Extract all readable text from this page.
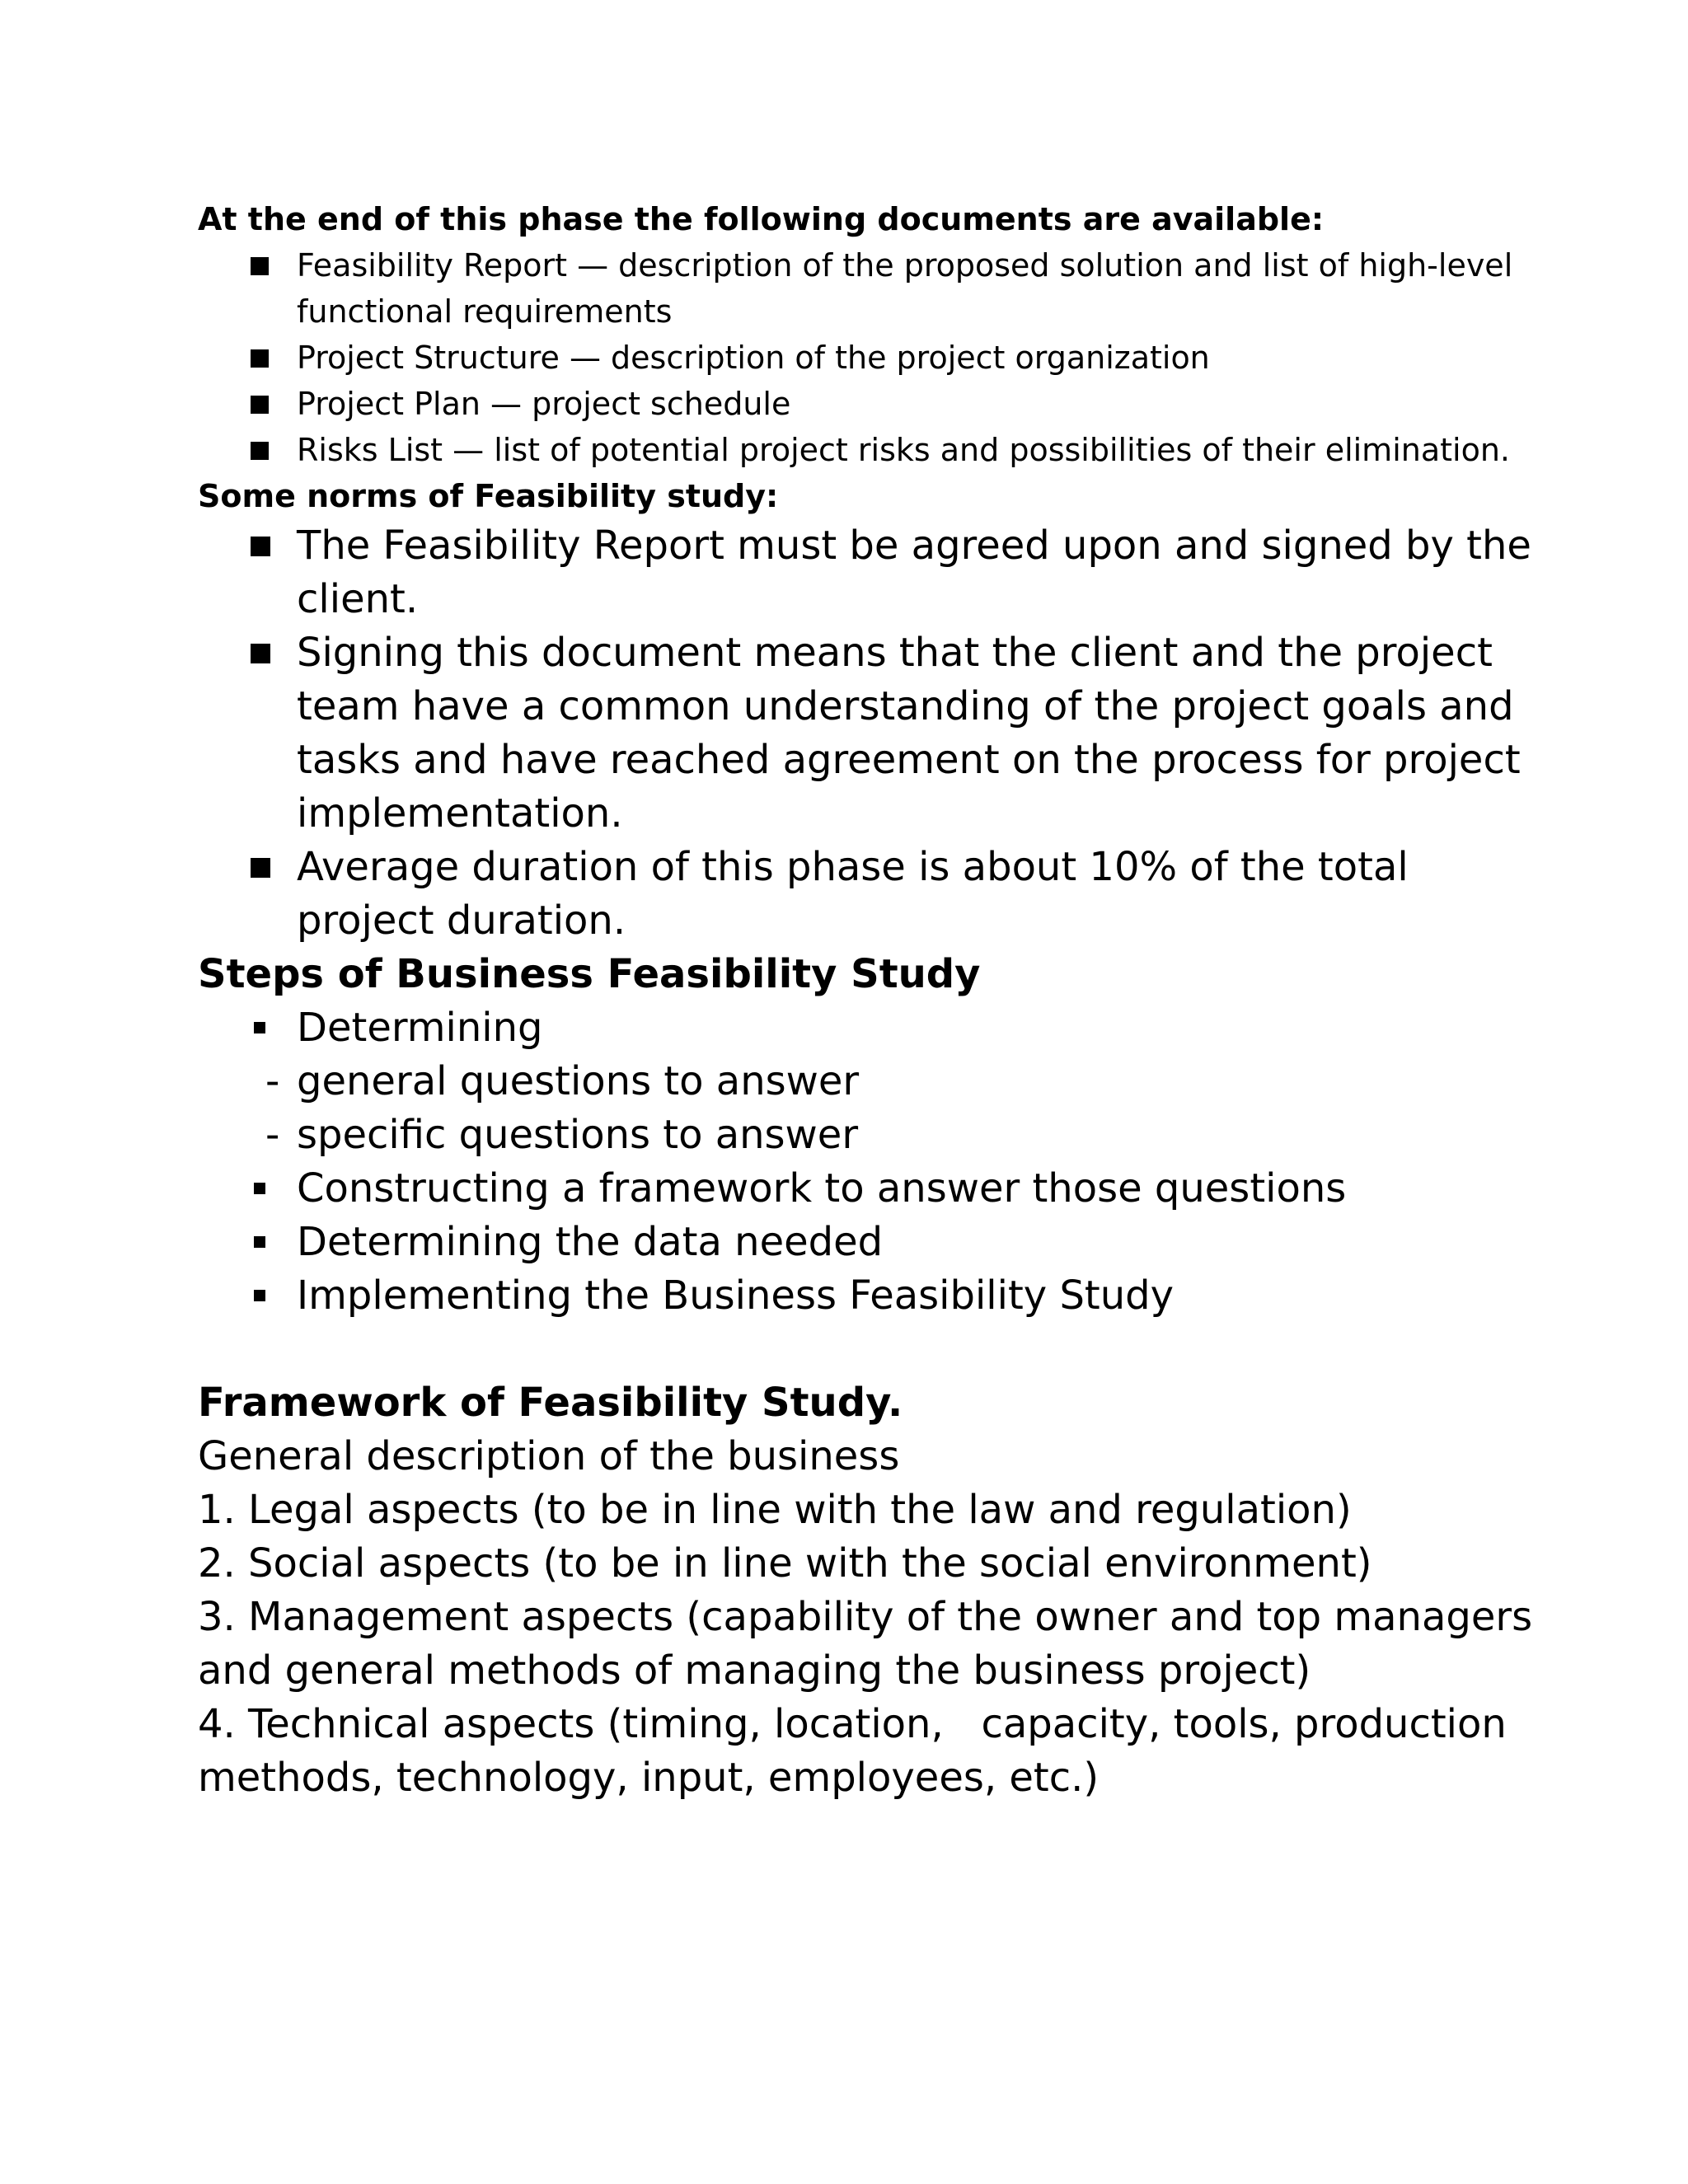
At the end of this phase the following documents are available:

Feasibility Report — description of the proposed solution and list of high-level functional requirements
Project Structure — description of the project organization
Project Plan — project schedule
Risks List — list of potential project risks and possibilities of their elimination.

Some norms of Feasibility study:

The Feasibility Report must be agreed upon and signed by the client.
Signing this document means that the client and the project team have a common understanding of the project goals and tasks and have reached agreement on the process for project implementation.
Average duration of this phase is about 10% of the total project duration.

Steps of Business Feasibility Study

Determining
- general questions to answer
- specific questions to answer
Constructing a framework to answer those questions
Determining the data needed
Implementing the Business Feasibility Study

Framework of Feasibility Study.

General description of the business

1. Legal aspects (to be in line with the law and regulation)

2. Social aspects (to be in line with the social environment)

3. Management aspects (capability of the owner and top managers and general methods of managing the business project)

4. Technical aspects (timing, location,   capacity, tools, production methods, technology, input, employees, etc.)
